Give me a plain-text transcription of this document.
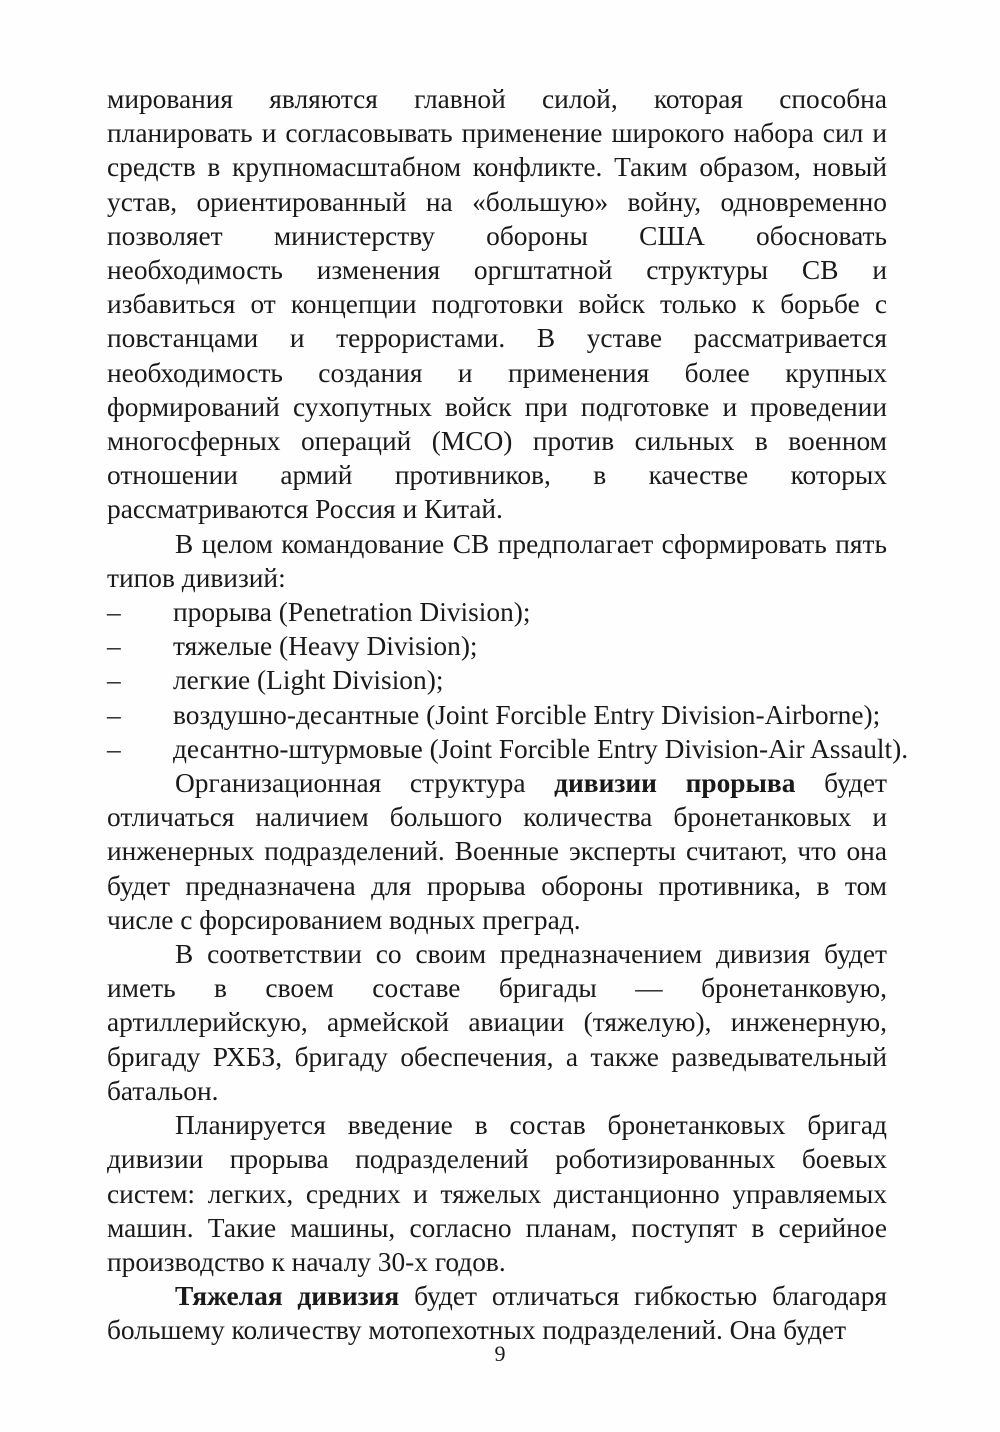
мирования являются главной силой, которая способна планировать и согласовывать применение широкого набора сил и средств в крупномасштабном конфликте. Таким образом, новый устав, ориентированный на «большую» войну, одновременно позволяет министерству обороны США обосновать необходимость изменения оргштатной структуры СВ и избавиться от концепции подготовки войск только к борьбе с повстанцами и террористами. В уставе рассматривается необходимость создания и применения более крупных формирований сухопутных войск при подготовке и проведении многосферных операций (МСО) против сильных в военном отношении армий противников, в качестве которых рассматриваются Россия и Китай.

В целом командование СВ предполагает сформировать пять типов дивизий:

– прорыва (Penetration Division);
– тяжелые (Heavy Division);
– легкие (Light Division);
– воздушно-десантные (Joint Forcible Entry Division-Airborne);
– десантно-штурмовые (Joint Forcible Entry Division-Air Assault).

Организационная структура дивизии прорыва будет отличаться наличием большого количества бронетанковых и инженерных подразделений. Военные эксперты считают, что она будет предназначена для прорыва обороны противника, в том числе с форсированием водных преград.

В соответствии со своим предназначением дивизия будет иметь в своем составе бригады — бронетанковую, артиллерийскую, армейской авиации (тяжелую), инженерную, бригаду РХБЗ, бригаду обеспечения, а также разведывательный батальон.

Планируется введение в состав бронетанковых бригад дивизии прорыва подразделений роботизированных боевых систем: легких, средних и тяжелых дистанционно управляемых машин. Такие машины, согласно планам, поступят в серийное производство к началу 30-х годов.

Тяжелая дивизия будет отличаться гибкостью благодаря большему количеству мотопехотных подразделений. Она будет

9
